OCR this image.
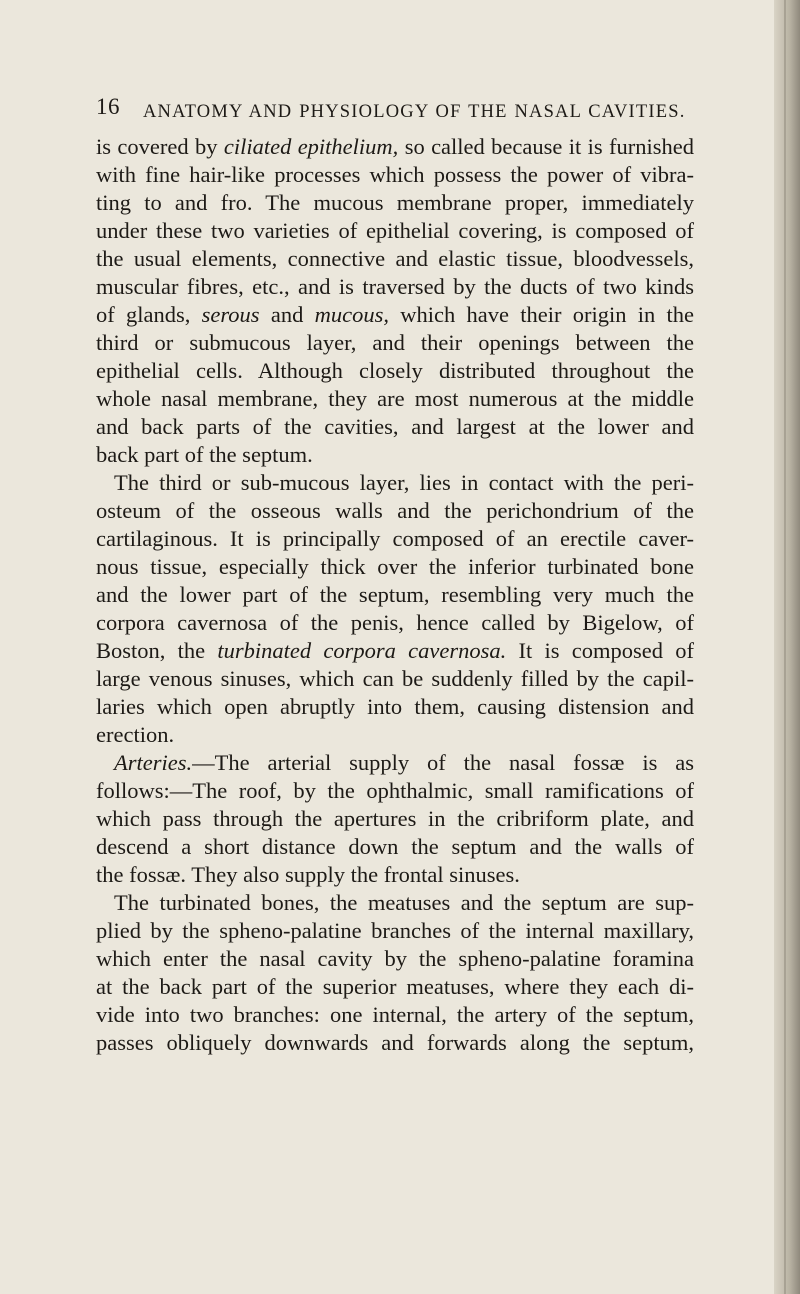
16 ANATOMY AND PHYSIOLOGY OF THE NASAL CAVITIES.
is covered by ciliated epithelium, so called because it is furnished
with fine hair-like processes which possess the power of vibra-
ting to and fro. The mucous membrane proper, immediately
under these two varieties of epithelial covering, is composed of
the usual elements, connective and elastic tissue, bloodvessels,
muscular fibres, etc., and is traversed by the ducts of two kinds
of glands, serous and mucous, which have their origin in the
third or submucous layer, and their openings between the
epithelial cells. Although closely distributed throughout the
whole nasal membrane, they are most numerous at the middle
and back parts of the cavities, and largest at the lower and
back part of the septum.
The third or sub-mucous layer, lies in contact with the peri-
osteum of the osseous walls and the perichondrium of the
cartilaginous. It is principally composed of an erectile caver-
nous tissue, especially thick over the inferior turbinated bone
and the lower part of the septum, resembling very much the
corpora cavernosa of the penis, hence called by Bigelow, of
Boston, the turbinated corpora cavernosa. It is composed of
large venous sinuses, which can be suddenly filled by the capil-
laries which open abruptly into them, causing distension and
erection.
Arteries.—The arterial supply of the nasal fossæ is as
follows:—The roof, by the ophthalmic, small ramifications of
which pass through the apertures in the cribriform plate, and
descend a short distance down the septum and the walls of
the fossæ. They also supply the frontal sinuses.
The turbinated bones, the meatuses and the septum are sup-
plied by the spheno-palatine branches of the internal maxillary,
which enter the nasal cavity by the spheno-palatine foramina
at the back part of the superior meatuses, where they each di-
vide into two branches: one internal, the artery of the septum,
passes obliquely downwards and forwards along the septum,
